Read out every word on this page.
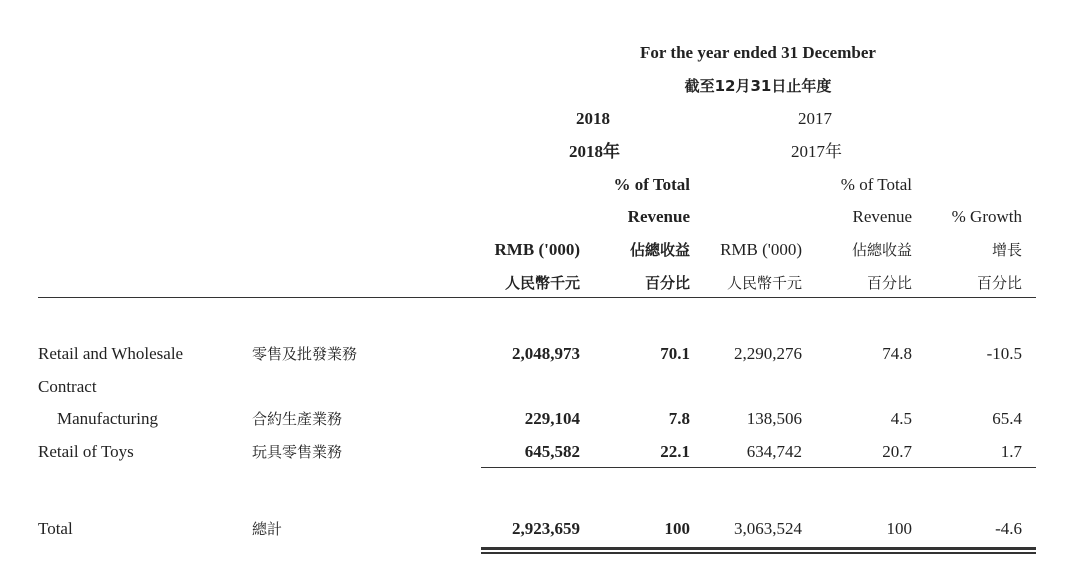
For the year ended 31 December
截至12月31日止年度
2018	2017
2018年	2017年
% of Total
Revenue
% of Total
Revenue	% Growth
RMB ('000)	佔總收益	RMB ('000)	佔總收益	增長
人民幣千元	百分比	人民幣千元	百分比	百分比
Retail and Wholesale	零售及批發業務	2,048,973	70.1	2,290,276	74.8	-10.5
Contract
Manufacturing	合約生產業務	229,104	7.8	138,506	4.5	65.4
Retail of Toys	玩具零售業務	645,582	22.1	634,742	20.7	1.7
Total	總計	2,923,659	100	3,063,524	100	-4.6
